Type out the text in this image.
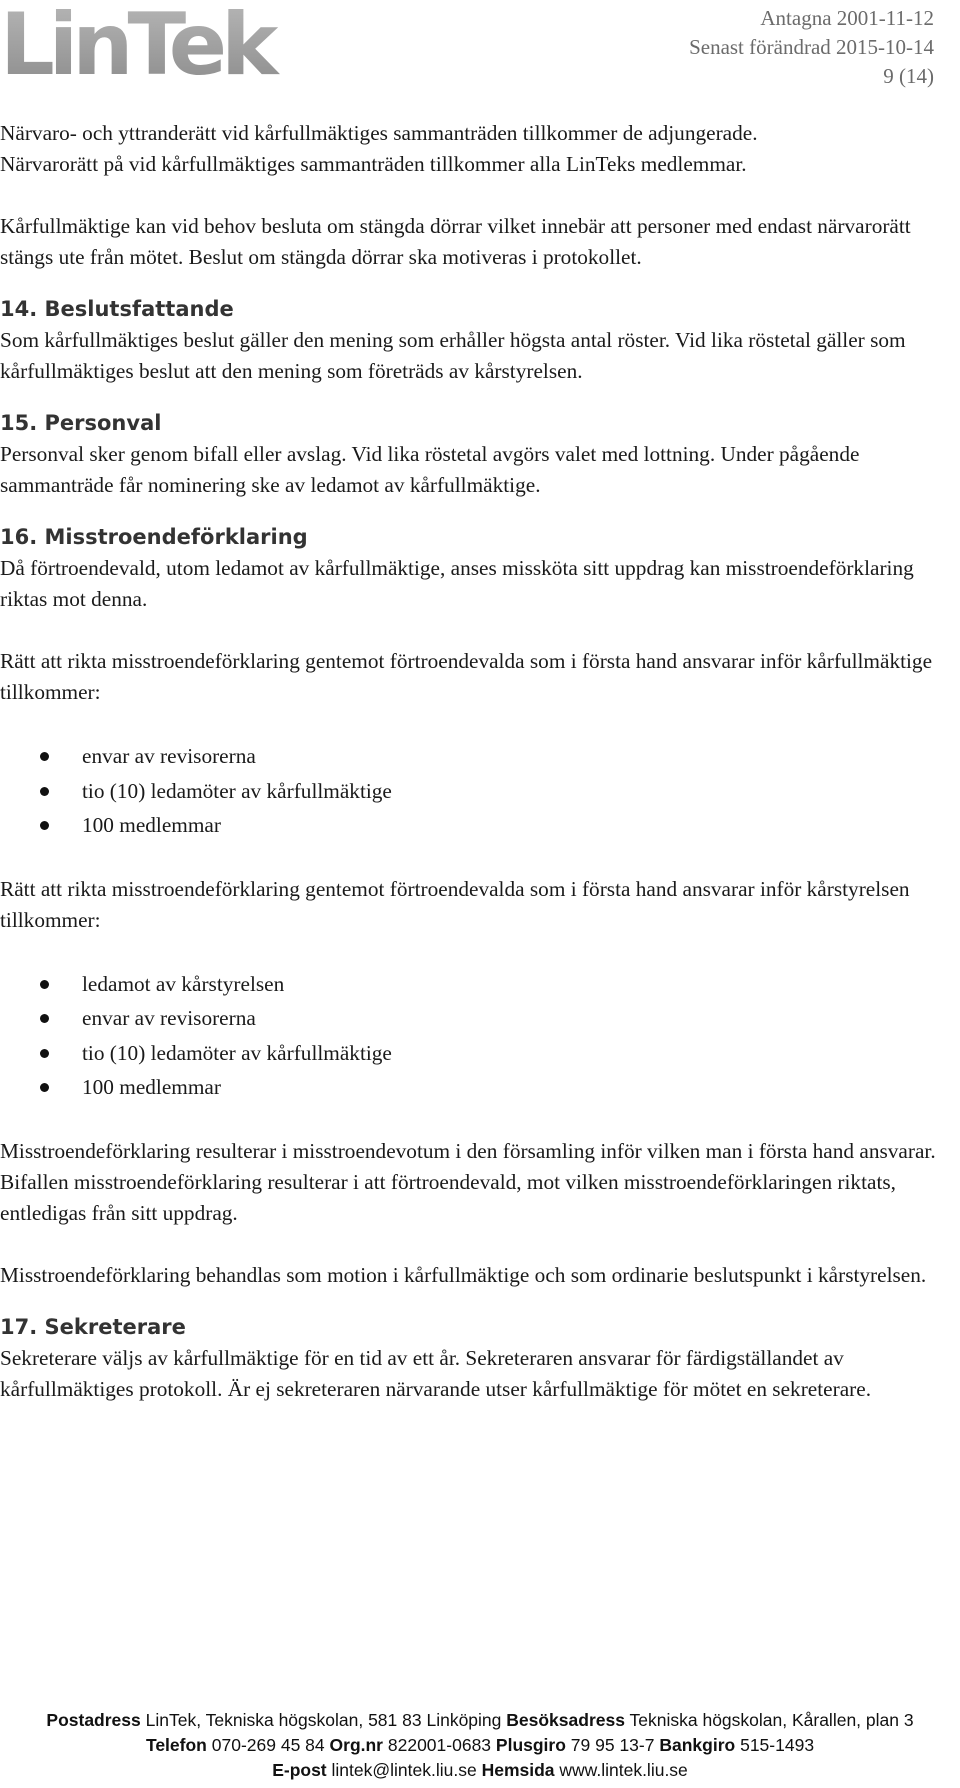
LinTek	Antagna 2001-11-12
Senast förändrad 2015-10-14
9 (14)

Närvaro- och yttranderätt vid kårfullmäktiges sammanträden tillkommer de adjungerade.

Närvarorätt på vid kårfullmäktiges sammanträden tillkommer alla LinTeks medlemmar.

Kårfullmäktige kan vid behov besluta om stängda dörrar vilket innebär att personer med endast närvarorätt stängs ute från mötet. Beslut om stängda dörrar ska motiveras i protokollet.

14. Beslutsfattande

Som kårfullmäktiges beslut gäller den mening som erhåller högsta antal röster. Vid lika röstetal gäller som kårfullmäktiges beslut att den mening som företräds av kårstyrelsen.

15. Personval

Personval sker genom bifall eller avslag. Vid lika röstetal avgörs valet med lottning. Under pågående sammanträde får nominering ske av ledamot av kårfullmäktige.

16. Misstroendeförklaring

Då förtroendevald, utom ledamot av kårfullmäktige, anses missköta sitt uppdrag kan misstroendeförklaring riktas mot denna.

Rätt att rikta misstroendeförklaring gentemot förtroendevalda som i första hand ansvarar inför kårfullmäktige tillkommer:

envar av revisorerna
tio (10) ledamöter av kårfullmäktige
100 medlemmar

Rätt att rikta misstroendeförklaring gentemot förtroendevalda som i första hand ansvarar inför kårstyrelsen tillkommer:

ledamot av kårstyrelsen
envar av revisorerna
tio (10) ledamöter av kårfullmäktige
100 medlemmar

Misstroendeförklaring resulterar i misstroendevotum i den församling inför vilken man i första hand ansvarar. Bifallen misstroendeförklaring resulterar i att förtroendevald, mot vilken misstroendeförklaringen riktats, entledigas från sitt uppdrag.

Misstroendeförklaring behandlas som motion i kårfullmäktige och som ordinarie beslutspunkt i kårstyrelsen.

17. Sekreterare

Sekreterare väljs av kårfullmäktige för en tid av ett år. Sekreteraren ansvarar för färdigställandet av kårfullmäktiges protokoll. Är ej sekreteraren närvarande utser kårfullmäktige för mötet en sekreterare.

Postadress LinTek, Tekniska högskolan, 581 83 Linköping Besöksadress Tekniska högskolan, Kårallen, plan 3
Telefon 070-269 45 84 Org.nr 822001-0683 Plusgiro 79 95 13-7 Bankgiro 515-1493
E-post lintek@lintek.liu.se Hemsida www.lintek.liu.se
